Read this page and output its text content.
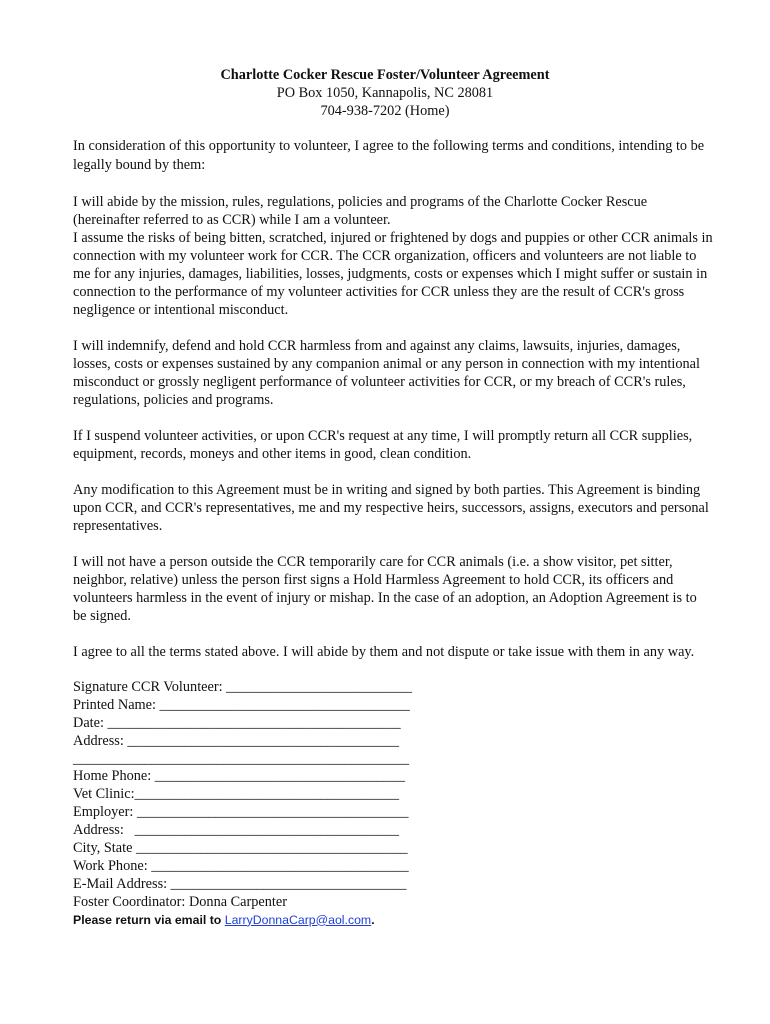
Charlotte Cocker Rescue Foster/Volunteer Agreement
PO Box 1050, Kannapolis, NC 28081
704-938-7202 (Home)

In consideration of this opportunity to volunteer, I agree to the following terms and conditions, intending to be legally bound by them:

I will abide by the mission, rules, regulations, policies and programs of the Charlotte Cocker Rescue (hereinafter referred to as CCR) while I am a volunteer.
I assume the risks of being bitten, scratched, injured or frightened by dogs and puppies or other CCR animals in connection with my volunteer work for CCR. The CCR organization, officers and volunteers are not liable to me for any injuries, damages, liabilities, losses, judgments, costs or expenses which I might suffer or sustain in connection to the performance of my volunteer activities for CCR unless they are the result of CCR's gross negligence or intentional misconduct.

I will indemnify, defend and hold CCR harmless from and against any claims, lawsuits, injuries, damages, losses, costs or expenses sustained by any companion animal or any person in connection with my intentional misconduct or grossly negligent performance of volunteer activities for CCR, or my breach of CCR's rules, regulations, policies and programs.

If I suspend volunteer activities, or upon CCR's request at any time, I will promptly return all CCR supplies, equipment, records, moneys and other items in good, clean condition.

Any modification to this Agreement must be in writing and signed by both parties. This Agreement is binding upon CCR, and CCR's representatives, me and my respective heirs, successors, assigns, executors and personal representatives.

I will not have a person outside the CCR temporarily care for CCR animals (i.e. a show visitor, pet sitter, neighbor, relative) unless the person first signs a Hold Harmless Agreement to hold CCR, its officers and volunteers harmless in the event of injury or mishap. In the case of an adoption, an Adoption Agreement is to be signed.

I agree to all the terms stated above. I will abide by them and not dispute or take issue with them in any way.

Signature CCR Volunteer: __________________________
Printed Name: ___________________________________
Date: _________________________________________
Address: ______________________________________
_______________________________________________
Home Phone: ___________________________________
Vet Clinic:_____________________________________
Employer: ______________________________________
Address:   _____________________________________
City, State ______________________________________
Work Phone: ____________________________________
E-Mail Address: _________________________________
Foster Coordinator: Donna Carpenter
Please return via email to LarryDonnaCarp@aol.com.
